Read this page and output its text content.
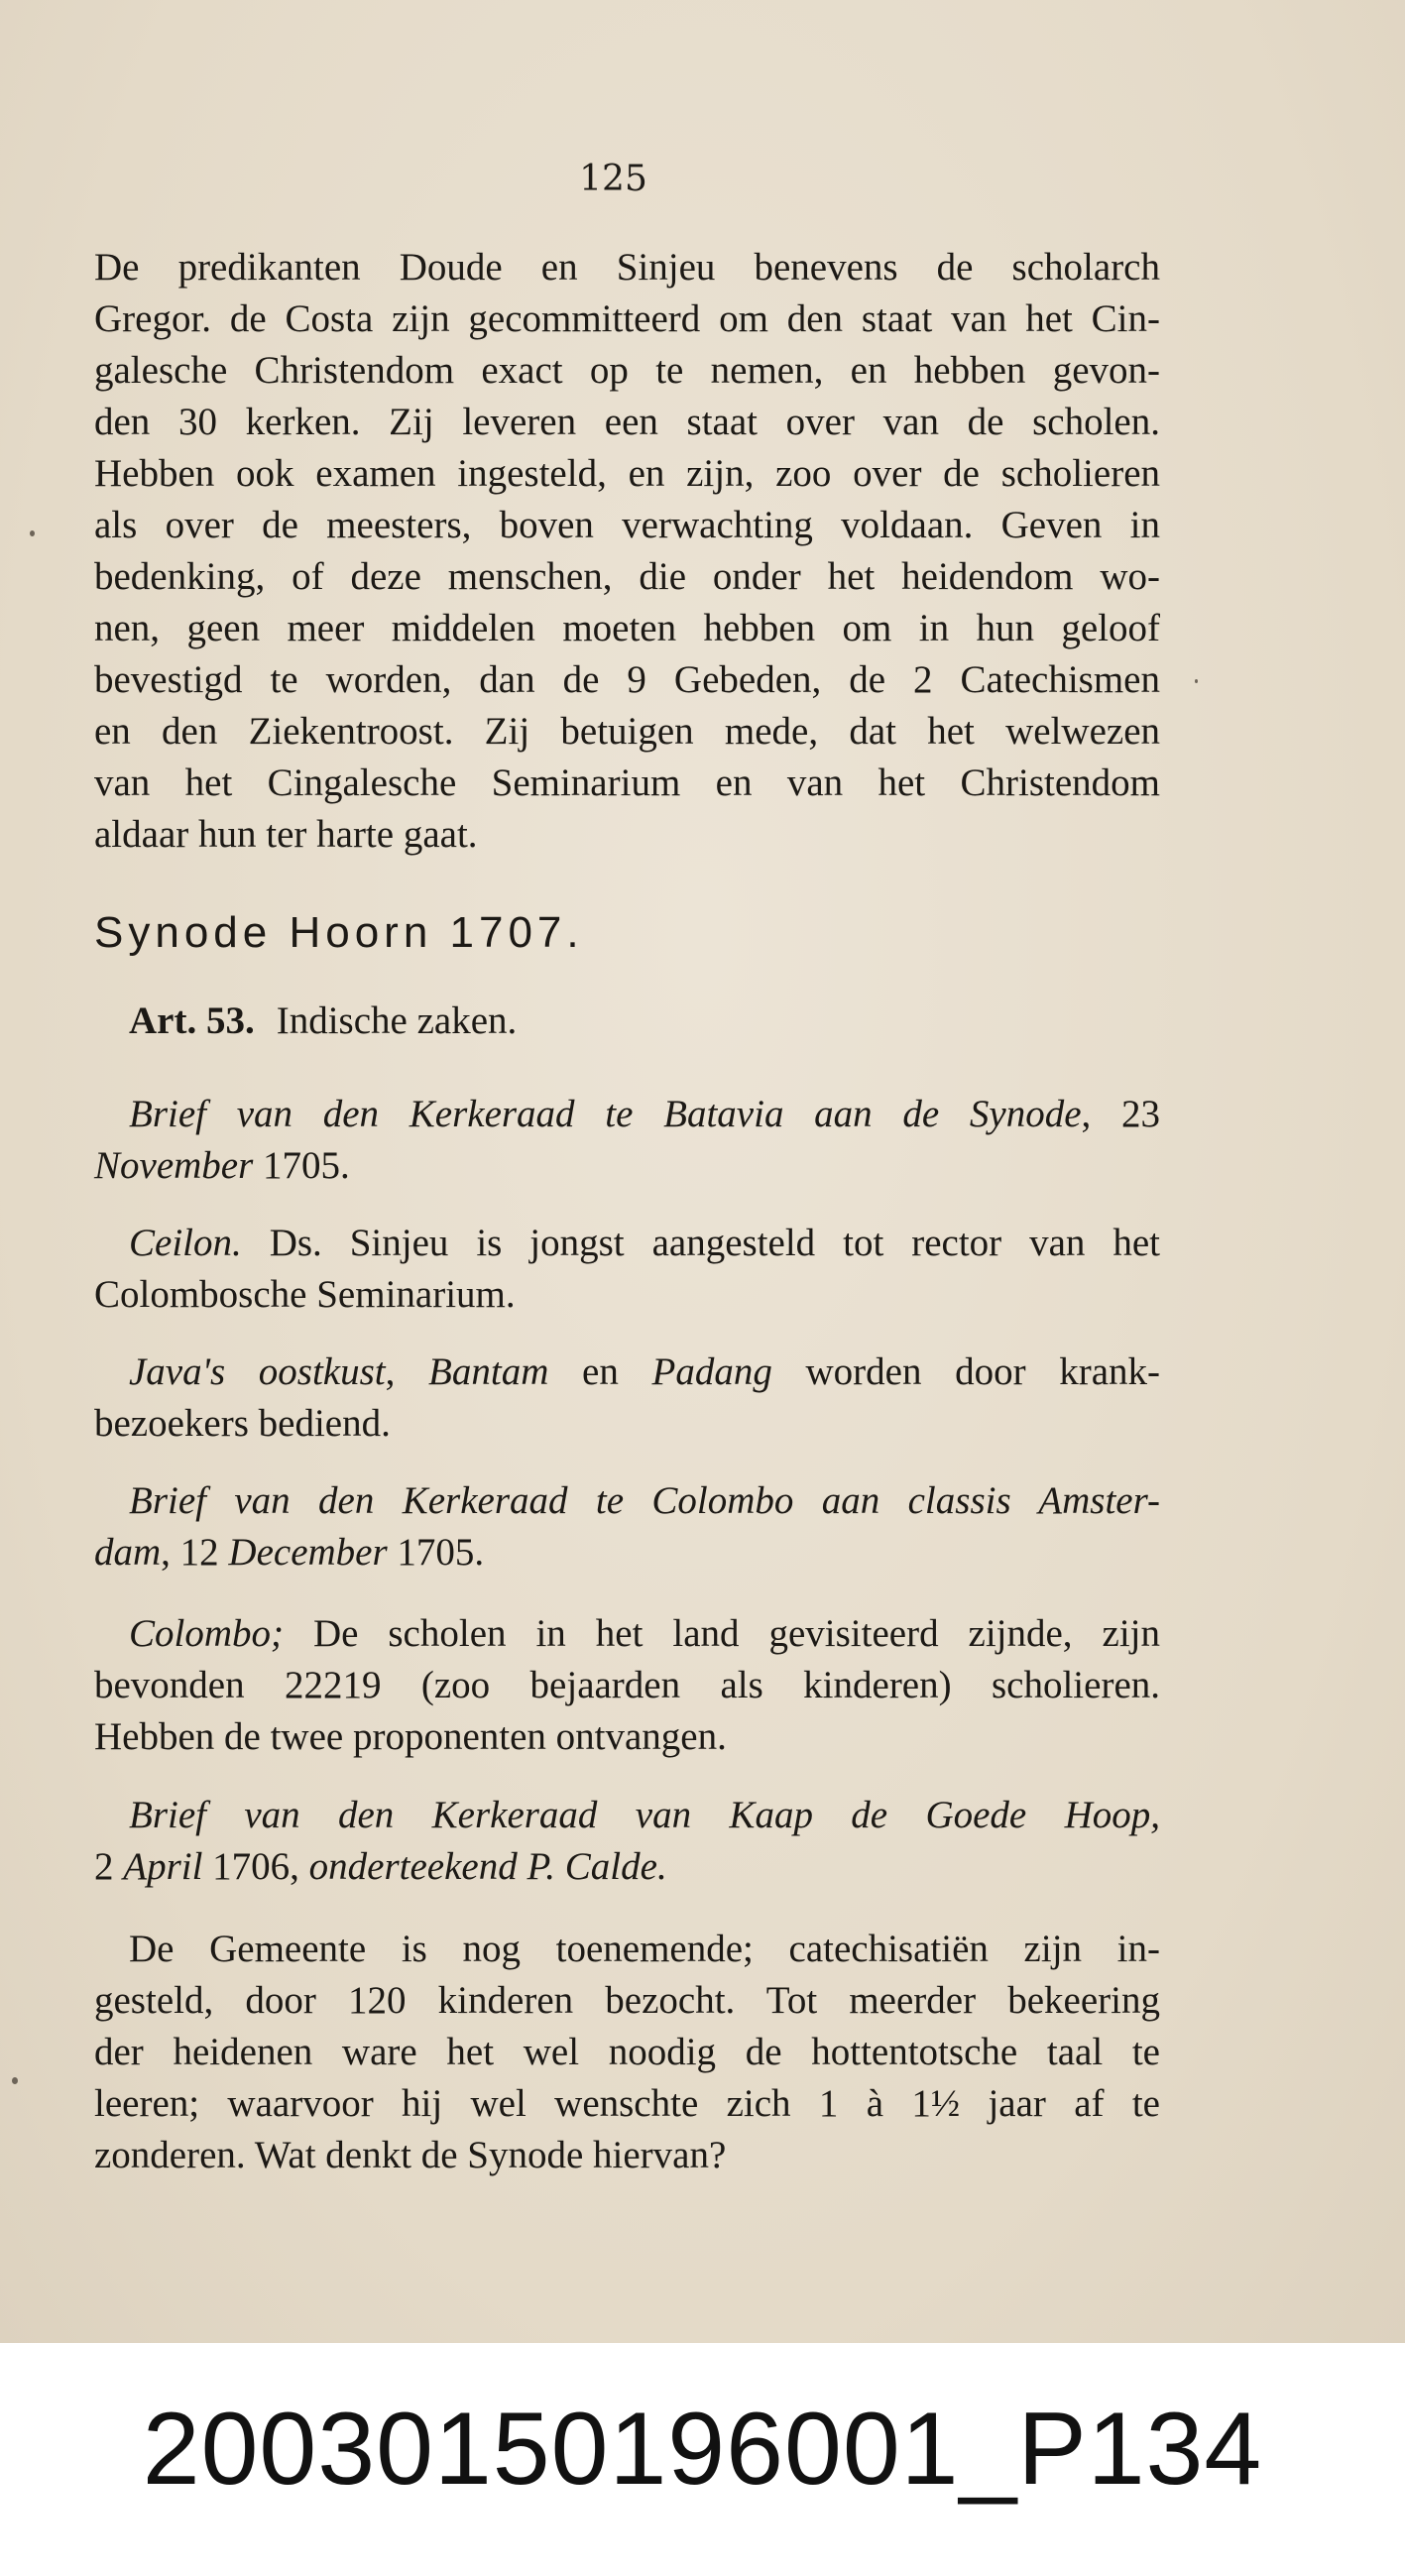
125

De predikanten Doude en Sinjeu benevens de scholarch
Gregor. de Costa zijn gecommitteerd om den staat van het Cin-
galesche Christendom exact op te nemen, en hebben gevon-
den 30 kerken. Zij leveren een staat over van de scholen.
Hebben ook examen ingesteld, en zijn, zoo over de scholieren
als over de meesters, boven verwachting voldaan. Geven in
bedenking, of deze menschen, die onder het heidendom wo-
nen, geen meer middelen moeten hebben om in hun geloof
bevestigd te worden, dan de 9 Gebeden, de 2 Catechismen
en den Ziekentroost. Zij betuigen mede, dat het welwezen
van het Cingalesche Seminarium en van het Christendom
aldaar hun ter harte gaat.

Synode Hoorn 1707.
Art. 53. Indische zaken.

Brief van den Kerkeraad te Batavia aan de Synode, 23
November 1705.

Ceilon. Ds. Sinjeu is jongst aangesteld tot rector van het
Colombosche Seminarium.

Java's oostkust, Bantam en Padang worden door krank-
bezoekers bediend.

Brief van den Kerkeraad te Colombo aan classis Amster-
dam, 12 December 1705.

Colombo; De scholen in het land gevisiteerd zijnde, zijn
bevonden 22219 (zoo bejaarden als kinderen) scholieren.
Hebben de twee proponenten ontvangen.

Brief van den Kerkeraad van Kaap de Goede Hoop,
2 April 1706, onderteekend P. Calde.

De Gemeente is nog toenemende; catechisatiën zijn in-
gesteld, door 120 kinderen bezocht. Tot meerder bekeering
der heidenen ware het wel noodig de hottentotsche taal te
leeren; waarvoor hij wel wenschte zich 1 à 1½ jaar af te
zonderen. Wat denkt de Synode hiervan?

20030150196001_P134
